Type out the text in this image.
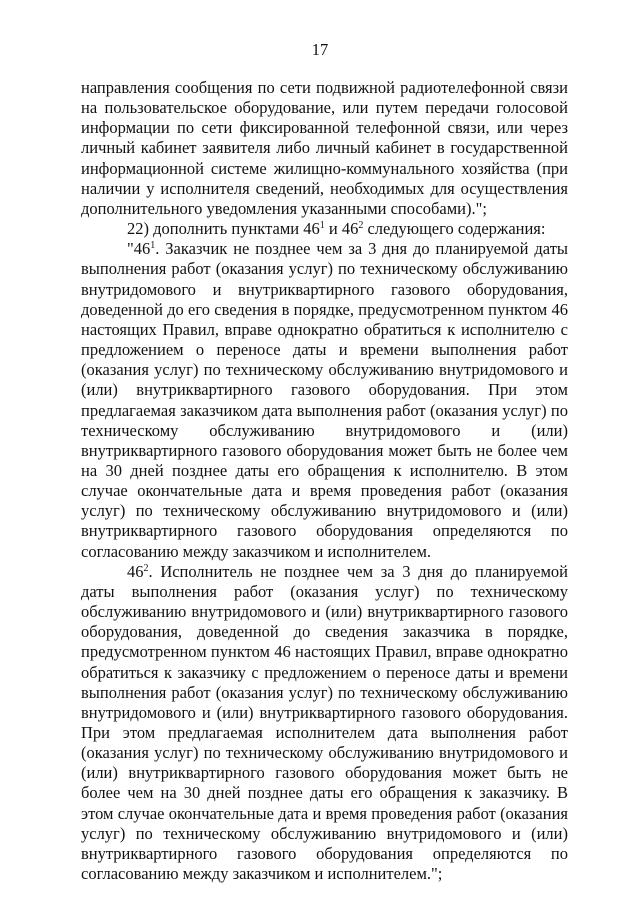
17

направления сообщения по сети подвижной радиотелефонной связи на пользовательское оборудование, или путем передачи голосовой информации по сети фиксированной телефонной связи, или через личный кабинет заявителя либо личный кабинет в государственной информационной системе жилищно-коммунального хозяйства (при наличии у исполнителя сведений, необходимых для осуществления дополнительного уведомления указанными способами).";

22) дополнить пунктами $46^1$ и $46^2$ следующего содержания:

"$46^1$. Заказчик не позднее чем за 3 дня до планируемой даты выполнения работ (оказания услуг) по техническому обслуживанию внутридомового и внутриквартирного газового оборудования, доведенной до его сведения в порядке, предусмотренном пунктом 46 настоящих Правил, вправе однократно обратиться к исполнителю с предложением о переносе даты и времени выполнения работ (оказания услуг) по техническому обслуживанию внутридомового и (или) внутриквартирного газового оборудования. При этом предлагаемая заказчиком дата выполнения работ (оказания услуг) по техническому обслуживанию внутридомового и (или) внутриквартирного газового оборудования может быть не более чем на 30 дней позднее даты его обращения к исполнителю. В этом случае окончательные дата и время проведения работ (оказания услуг) по техническому обслуживанию внутридомового и (или) внутриквартирного газового оборудования определяются по согласованию между заказчиком и исполнителем.

$46^2$. Исполнитель не позднее чем за 3 дня до планируемой даты выполнения работ (оказания услуг) по техническому обслуживанию внутридомового и (или) внутриквартирного газового оборудования, доведенной до сведения заказчика в порядке, предусмотренном пунктом 46 настоящих Правил, вправе однократно обратиться к заказчику с предложением о переносе даты и времени выполнения работ (оказания услуг) по техническому обслуживанию внутридомового и (или) внутриквартирного газового оборудования. При этом предлагаемая исполнителем дата выполнения работ (оказания услуг) по техническому обслуживанию внутридомового и (или) внутриквартирного газового оборудования может быть не более чем на 30 дней позднее даты его обращения к заказчику. В этом случае окончательные дата и время проведения работ (оказания услуг) по техническому обслуживанию внутридомового и (или) внутриквартирного газового оборудования определяются по согласованию между заказчиком и исполнителем.";
